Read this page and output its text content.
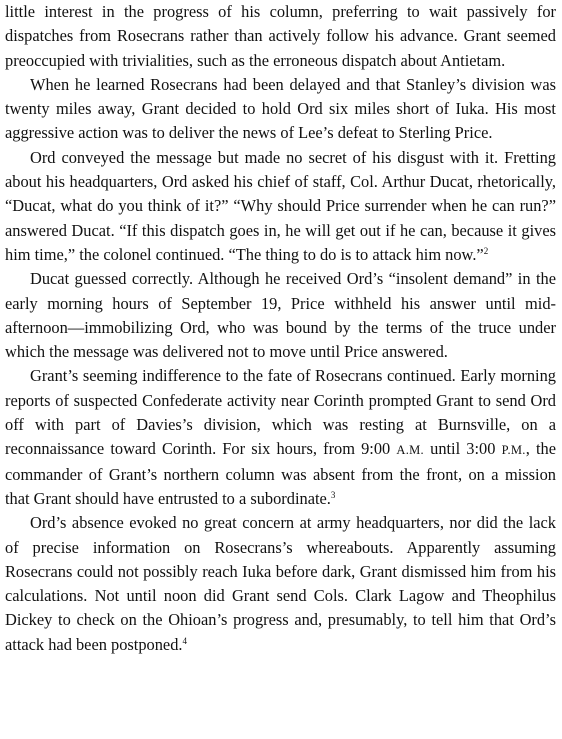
little interest in the progress of his column, preferring to wait passively for dispatches from Rosecrans rather than actively follow his advance. Grant seemed preoccupied with trivialities, such as the erroneous dispatch about Antietam.

When he learned Rosecrans had been delayed and that Stanley’s division was twenty miles away, Grant decided to hold Ord six miles short of Iuka. His most aggressive action was to deliver the news of Lee’s defeat to Sterling Price.

Ord conveyed the message but made no secret of his disgust with it. Fretting about his headquarters, Ord asked his chief of staff, Col. Arthur Ducat, rhetorically, “Ducat, what do you think of it?” “Why should Price surrender when he can run?” answered Ducat. “If this dispatch goes in, he will get out if he can, because it gives him time,” the colonel continued. “The thing to do is to attack him now.”$^2$

Ducat guessed correctly. Although he received Ord’s “insolent demand” in the early morning hours of September 19, Price withheld his answer until mid-afternoon—immobilizing Ord, who was bound by the terms of the truce under which the message was delivered not to move until Price answered.

Grant’s seeming indifference to the fate of Rosecrans continued. Early morning reports of suspected Confederate activity near Corinth prompted Grant to send Ord off with part of Davies’s division, which was resting at Burnsville, on a reconnaissance toward Corinth. For six hours, from 9:00 A.M. until 3:00 P.M., the commander of Grant’s northern column was absent from the front, on a mission that Grant should have entrusted to a subordinate.$^3$

Ord’s absence evoked no great concern at army headquarters, nor did the lack of precise information on Rosecrans’s whereabouts. Apparently assuming Rosecrans could not possibly reach Iuka before dark, Grant dismissed him from his calculations. Not until noon did Grant send Cols. Clark Lagow and Theophilus Dickey to check on the Ohioan’s progress and, presumably, to tell him that Ord’s attack had been postponed.$^4$
